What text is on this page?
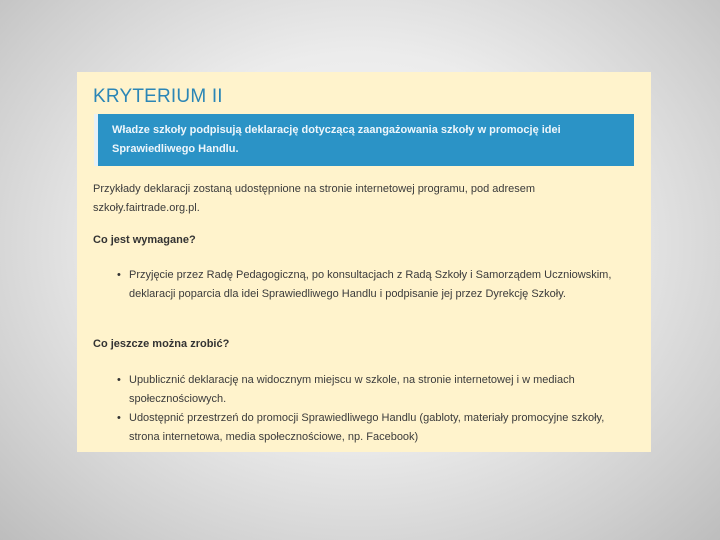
KRYTERIUM II
Władze szkoły podpisują deklarację dotyczącą zaangażowania szkoły w promocję idei Sprawiedliwego Handlu.
Przykłady deklaracji zostaną udostępnione na stronie internetowej programu, pod adresem szkoły.fairtrade.org.pl.
Co jest wymagane?
• Przyjęcie przez Radę Pedagogiczną, po konsultacjach z Radą Szkoły i Samorządem Uczniowskim, deklaracji poparcia dla idei Sprawiedliwego Handlu i podpisanie jej przez Dyrekcję Szkoły.
Co jeszcze można zrobić?
• Upublicznić deklarację na widocznym miejscu w szkole, na stronie internetowej i w mediach społecznościowych.
• Udostępnić przestrzeń do promocji Sprawiedliwego Handlu (gabloty, materiały promocyjne szkoły, strona internetowa, media społecznościowe, np. Facebook)
